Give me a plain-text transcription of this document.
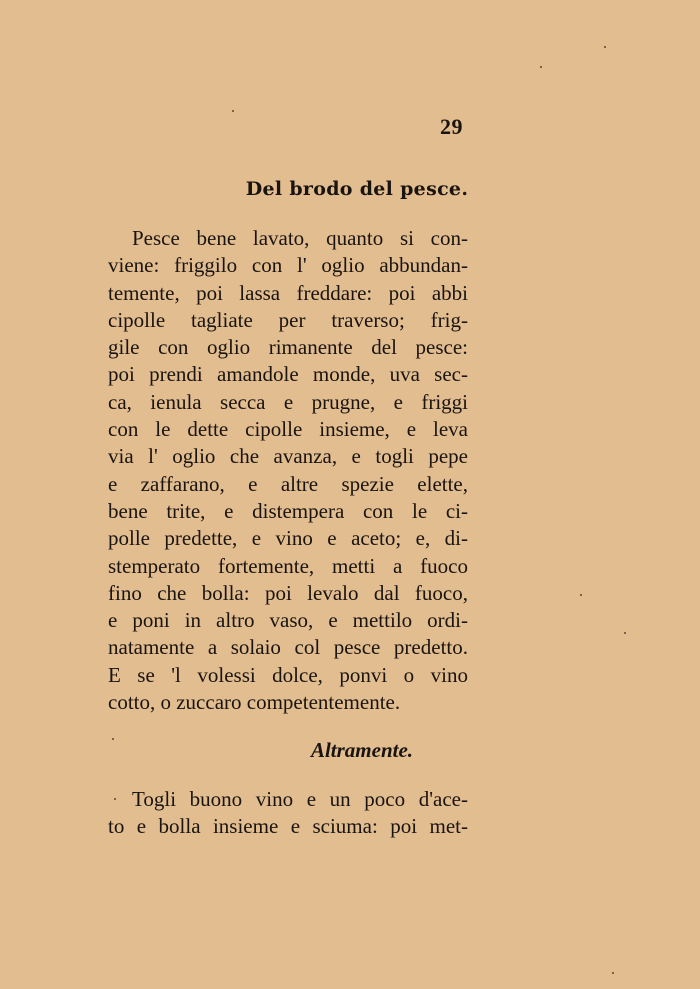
29
Del brodo del pesce.
Pesce bene lavato, quanto si con-
viene: friggilo con l' oglio abbundan-
temente, poi lassa freddare: poi abbi
cipolle tagliate per traverso; frig-
gile con oglio rimanente del pesce:
poi prendi amandole monde, uva sec-
ca, ienula secca e prugne, e friggi
con le dette cipolle insieme, e leva
via l' oglio che avanza, e togli pepe
e zaffarano, e altre spezie elette,
bene trite, e distempera con le ci-
polle predette, e vino e aceto; e, di-
stemperato fortemente, metti a fuoco
fino che bolla: poi levalo dal fuoco,
e poni in altro vaso, e mettilo ordi-
natamente a solaio col pesce predetto.
E se 'l volessi dolce, ponvi o vino
cotto, o zuccaro competentemente.
Altramente.
Togli buono vino e un poco d'ace-
to e bolla insieme e sciuma: poi met-
